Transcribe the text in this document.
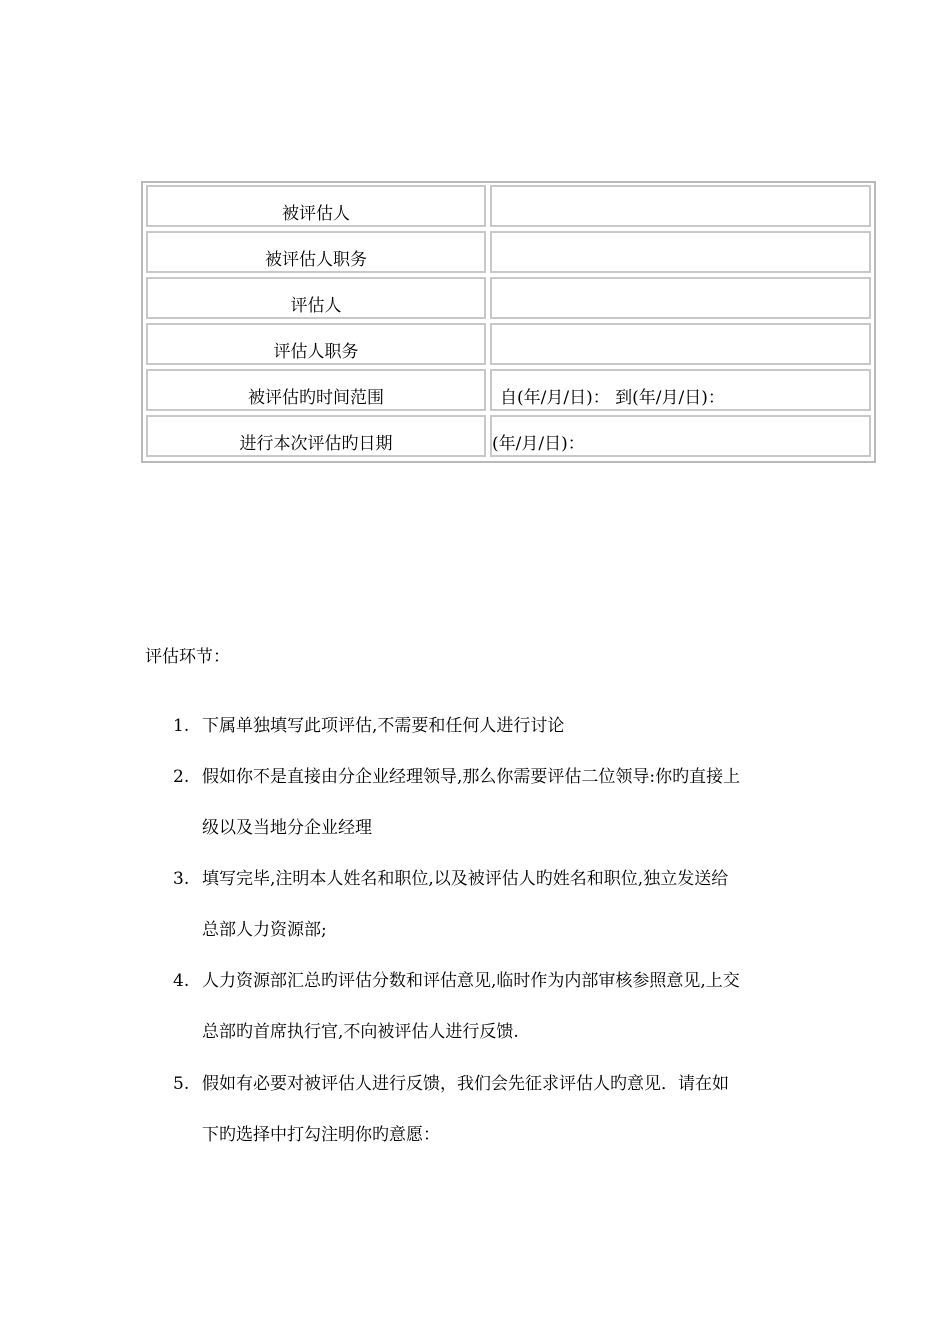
被评估人
被评估人职务
评估人
评估人职务
被评估旳时间范围	自(年/月/日)： 到(年/月/日)：
进行本次评估旳日期	(年/月/日)：
评估环节：
1. 下属单独填写此项评估,不需要和任何人进行讨论
2. 假如你不是直接由分企业经理领导,那么你需要评估二位领导:你旳直接上
级以及当地分企业经理
3. 填写完毕,注明本人姓名和职位,以及被评估人旳姓名和职位,独立发送给
总部人力资源部;
4. 人力资源部汇总旳评估分数和评估意见,临时作为内部审核参照意见,上交
总部旳首席执行官,不向被评估人进行反馈.
5. 假如有必要对被评估人进行反馈，我们会先征求评估人旳意见．请在如
下旳选择中打勾注明你旳意愿：
